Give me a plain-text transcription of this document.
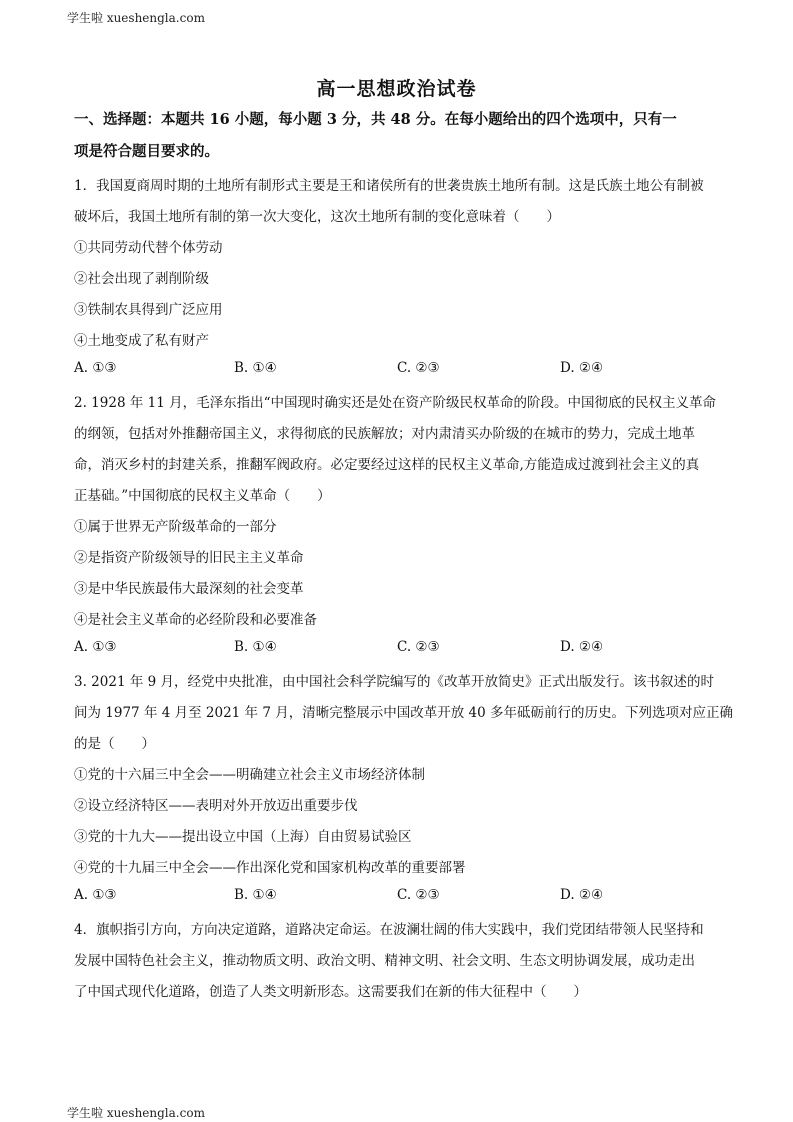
学生啦 xueshengla.com
高一思想政治试卷
一、选择题：本题共 16 小题，每小题 3 分，共 48 分。在每小题给出的四个选项中，只有一
项是符合题目要求的。
1．我国夏商周时期的土地所有制形式主要是王和诸侯所有的世袭贵族土地所有制。这是氏族土地公有制被
破坏后，我国土地所有制的第一次大变化，这次土地所有制的变化意味着（　　）
①共同劳动代替个体劳动
②社会出现了剥削阶级
③铁制农具得到广泛应用
④土地变成了私有财产
A. ①③	B. ①④	C. ②③	D. ②④
2. 1928 年 11 月，毛泽东指出“中国现时确实还是处在资产阶级民权革命的阶段。中国彻底的民权主义革命
的纲领，包括对外推翻帝国主义，求得彻底的民族解放；对内肃清买办阶级的在城市的势力，完成土地革
命，消灭乡村的封建关系，推翻军阀政府。必定要经过这样的民权主义革命,方能造成过渡到社会主义的真
正基础。”中国彻底的民权主义革命（　　）
①属于世界无产阶级革命的一部分
②是指资产阶级领导的旧民主主义革命
③是中华民族最伟大最深刻的社会变革
④是社会主义革命的必经阶段和必要准备
A. ①③	B. ①④	C. ②③	D. ②④
3. 2021 年 9 月，经党中央批准，由中国社会科学院编写的《改革开放简史》正式出版发行。该书叙述的时
间为 1977 年 4 月至 2021 年 7 月，清晰完整展示中国改革开放 40 多年砥砺前行的历史。下列选项对应正确
的是（　　）
①党的十六届三中全会——明确建立社会主义市场经济体制
②设立经济特区——表明对外开放迈出重要步伐
③党的十九大——提出设立中国（上海）自由贸易试验区
④党的十九届三中全会——作出深化党和国家机构改革的重要部署
A. ①③	B. ①④	C. ②③	D. ②④
4．旗帜指引方向，方向决定道路，道路决定命运。在波澜壮阔的伟大实践中，我们党团结带领人民坚持和
发展中国特色社会主义，推动物质文明、政治文明、精神文明、社会文明、生态文明协调发展，成功走出
了中国式现代化道路，创造了人类文明新形态。这需要我们在新的伟大征程中（　　）
学生啦 xueshengla.com
